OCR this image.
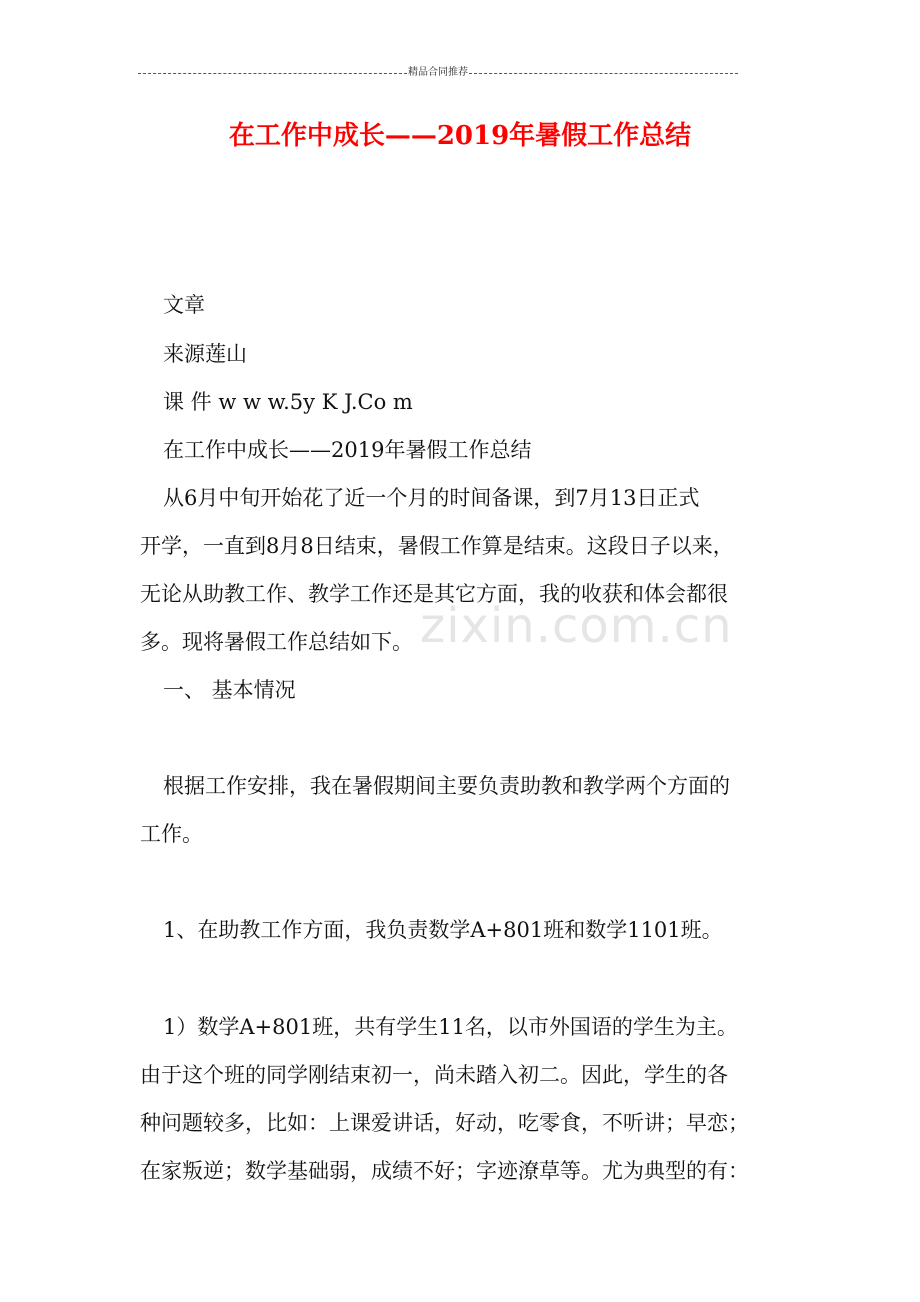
精品合同推荐
在工作中成长——2019年暑假工作总结
文章
来源莲山
课 件 w w w.5y K J.Co m
在工作中成长——2019年暑假工作总结
从6月中旬开始花了近一个月的时间备课，到7月13日正式
开学，一直到8月8日结束，暑假工作算是结束。这段日子以来，
无论从助教工作、教学工作还是其它方面，我的收获和体会都很
多。现将暑假工作总结如下。
一、 基本情况
根据工作安排，我在暑假期间主要负责助教和教学两个方面的
工作。
1、在助教工作方面，我负责数学A+801班和数学1101班。
1）数学A+801班，共有学生11名，以市外国语的学生为主。
由于这个班的同学刚结束初一，尚未踏入初二。因此，学生的各
种问题较多，比如：上课爱讲话，好动，吃零食，不听讲；早恋；
在家叛逆；数学基础弱，成绩不好；字迹潦草等。尤为典型的有：
zixin.com.cn
